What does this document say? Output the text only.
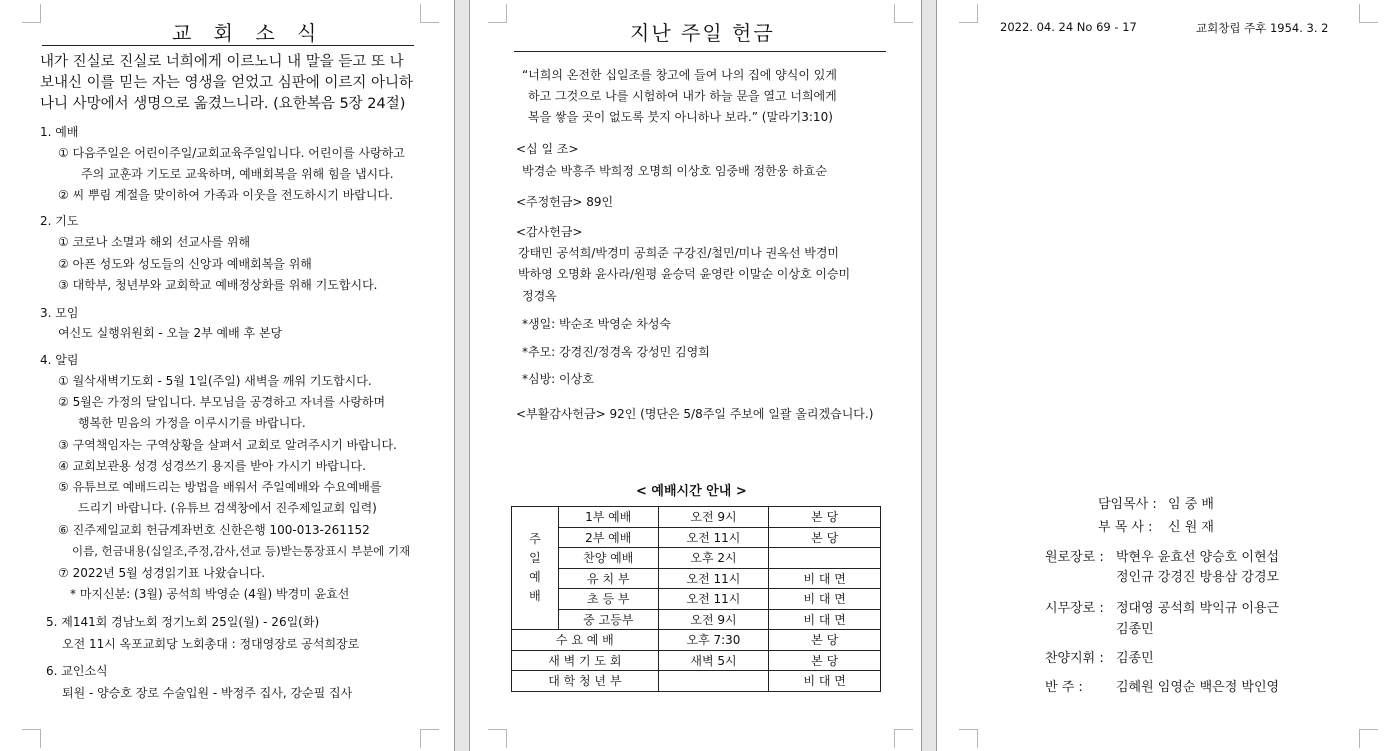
교 회 소 식
내가 진실로 진실로 너희에게 이르노니 내 말을 듣고 또 나
보내신 이를 믿는 자는 영생을 얻었고 심판에 이르지 아니하
나니 사망에서 생명으로 옮겼느니라. (요한복음 5장 24절)
1. 예배
① 다음주일은 어린이주일/교회교육주일입니다. 어린이를 사랑하고
주의 교훈과 기도로 교육하며, 예배회복을 위해 힘을 냅시다.
② 씨 뿌림 계절을 맞이하여 가족과 이웃을 전도하시기 바랍니다.
2. 기도
① 코로나 소멸과 해외 선교사를 위해
② 아픈 성도와 성도들의 신앙과 예배회복을 위해
③ 대학부, 청년부와 교회학교 예배정상화를 위해 기도합시다.
3. 모임
여신도 실행위원회 - 오늘 2부 예배 후 본당
4. 알림
① 월삭새벽기도회 - 5월 1일(주일) 새벽을 깨워 기도합시다.
② 5월은 가정의 달입니다. 부모님을 공경하고 자녀를 사랑하며
행복한 믿음의 가정을 이루시기를 바랍니다.
③ 구역책임자는 구역상황을 살펴서 교회로 알려주시기 바랍니다.
④ 교회보관용 성경 성경쓰기 용지를 받아 가시기 바랍니다.
⑤ 유튜브로 예배드리는 방법을 배워서 주일예배와 수요예배를
드리기 바랍니다. (유튜브 검색창에서 진주제일교회 입력)
⑥ 진주제일교회 헌금계좌번호 신한은행 100-013-261152
이름, 헌금내용(십일조,주정,감사,선교 등)받는통장표시 부분에 기재
⑦ 2022년 5월 성경읽기표 나왔습니다.
* 마지신분: (3월) 공석희 박영순 (4월) 박경미 윤효선
5. 제141회 경남노회 정기노회 25일(월) - 26일(화)
오전 11시 옥포교회당 노회총대 : 정대영장로 공석희장로
6. 교인소식
퇴원 - 양승호 장로 수술입원 - 박정주 집사, 강순필 집사
지난 주일 헌금
“너희의 온전한 십일조를 창고에 들여 나의 집에 양식이 있게
하고 그것으로 나를 시험하여 내가 하늘 문을 열고 너희에게
복을 쌓을 곳이 없도록 붓지 아니하나 보라.” (말라기3:10)
<십 일 조>
박경순 박흥주 박희정 오명희 이상호 임중배 정한웅 하효순
<주정헌금> 89인
<감사헌금>
강태민 공석희/박경미 공희준 구강진/철민/미나 권옥선 박경미
박하영 오명화 윤사라/원평 윤승덕 윤영란 이말순 이상호 이승미
정경옥
*생일: 박순조 박영순 차성숙
*추모: 강경진/정경옥 강성민 김영희
*심방: 이상호
<부활감사헌금> 92인 (명단은 5/8주일 주보에 일괄 올리겠습니다.)
< 예배시간 안내 >
주
일
예
배	1부 예배	오전 9시	본 당
	2부 예배	오전 11시	본 당
	찬양 예배	오후 2시	
	유 치 부	오전 11시	비 대 면
	초 등 부	오전 11시	비 대 면
	중 고등부	오전 9시	비 대 면
수 요 예 배		오후 7:30	본 당
새 벽 기 도 회		새벽 5시	본 당
대 학 청 년 부			비 대 면
2022. 04. 24 No 69 - 17	교회창립 주후 1954. 3. 2
담임목사 : 임 중 배
부 목 사 : 신 원 재
원로장로 : 박현우 윤효선 양승호 이현섭
정인규 강경진 방용삼 강경모
시무장로 : 정대영 공석희 박익규 이용근
김종민
찬양지휘 : 김종민
반 주 :	김혜원 임영순 백은정 박인영
